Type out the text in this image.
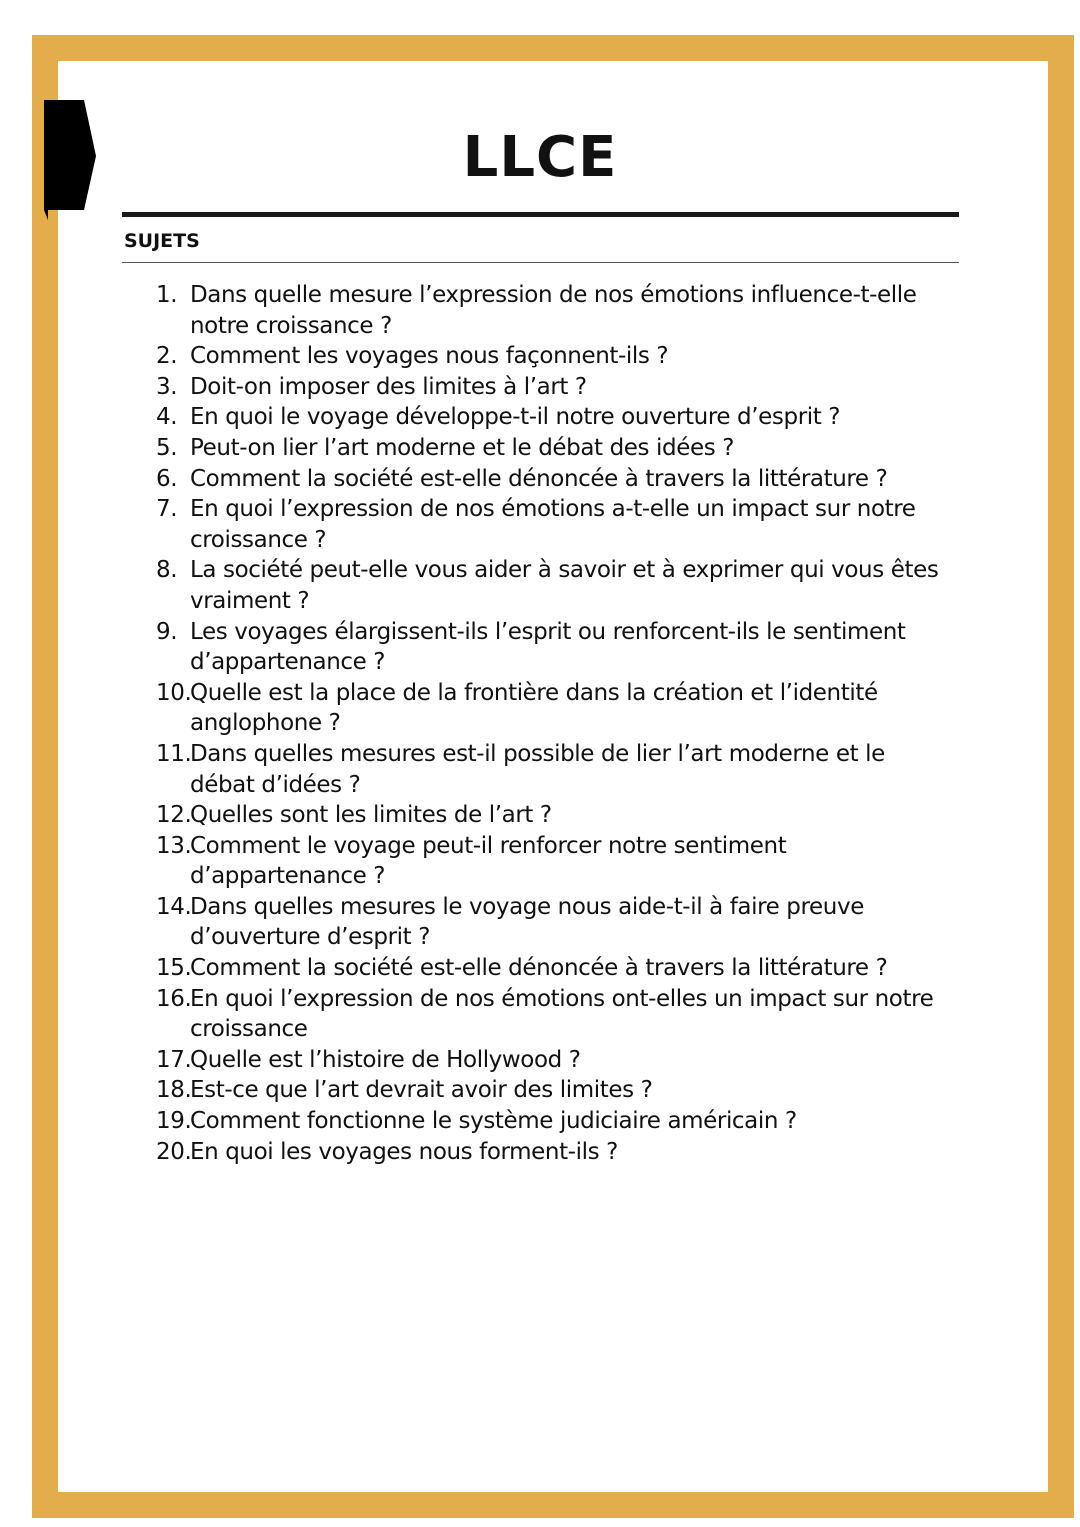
LLCE
SUJETS
1. Dans quelle mesure l’expression de nos émotions influence-t-elle notre croissance ?
2. Comment les voyages nous façonnent-ils ?
3. Doit-on imposer des limites à l’art ?
4. En quoi le voyage développe-t-il notre ouverture d’esprit ?
5. Peut-on lier l’art moderne et le débat des idées ?
6. Comment la société est-elle dénoncée à travers la littérature ?
7. En quoi l’expression de nos émotions a-t-elle un impact sur notre croissance ?
8. La société peut-elle vous aider à savoir et à exprimer qui vous êtes vraiment ?
9. Les voyages élargissent-ils l’esprit ou renforcent-ils le sentiment d’appartenance ?
10.
Quelle est la place de la frontière dans la création et l’identité anglophone ?
11.
Dans quelles mesures est-il possible de lier l’art moderne et le débat d’idées ?
12.
Quelles sont les limites de l’art ?
13.
Comment le voyage peut-il renforcer notre sentiment d’appartenance ?
14.
Dans quelles mesures le voyage nous aide-t-il à faire preuve d’ouverture d’esprit ?
15.
Comment la société est-elle dénoncée à travers la littérature ?
16.
En quoi l’expression de nos émotions ont-elles un impact sur notre croissance
17.
Quelle est l’histoire de Hollywood ?
18.
Est-ce que l’art devrait avoir des limites ?
19.
Comment fonctionne le système judiciaire américain ?
20.
En quoi les voyages nous forment-ils ?
